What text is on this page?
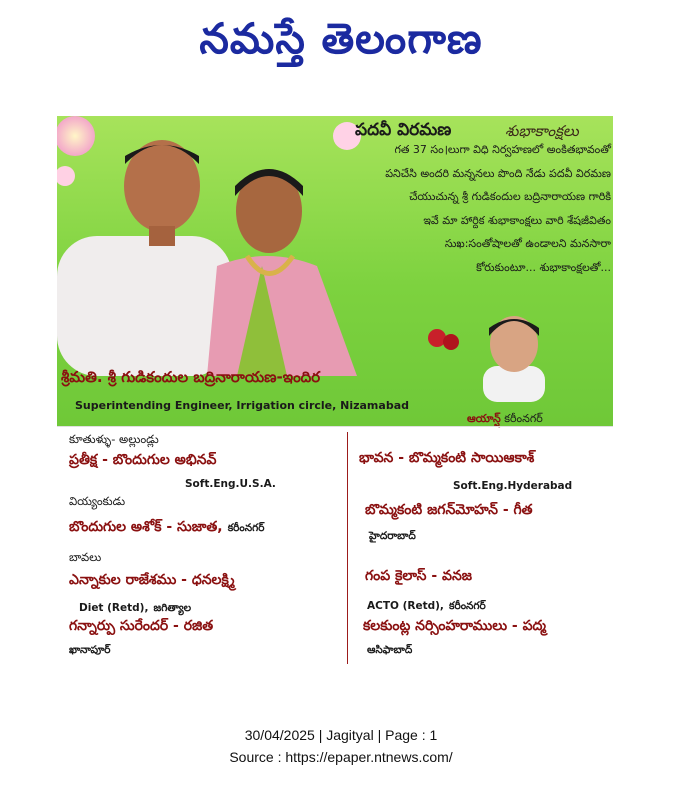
నమస్తే తెలంగాణ
పదవీ విరమణ	శుభాకాంక్షలు
గత 37 సం।లుగా విధి నిర్వహణలో అంకితభావంతో
పనిచేసి అందరి మన్ననలు పొంది నేడు పదవీ విరమణ
చేయుచున్న శ్రీ గుడికందుల బద్రినారాయణ గారికి
ఇవే మా హార్దిక శుభాకాంక్షలు వారి శేషజీవితం
సుఖ:సంతోషాలతో ఉండాలని మనసారా
కోరుకుంటూ... శుభాకాంక్షలతో...
శ్రీమతి. శ్రీ గుడికందుల బద్రినారాయణ-ఇందిర
Superintending Engineer, Irrigation circle, Nizamabad
ఆయాన్ష్ కరీంనగర్
కూతుళ్ళు- అల్లుండ్లు
ప్రతీక్ష - బొందుగుల అభినవ్
Soft.Eng.U.S.A.
వియ్యంకుడు
బొందుగుల అశోక్ - సుజాత, కరీంనగర్
బావలు
ఎన్నాకుల రాజేశము - ధనలక్ష్మి
Diet (Retd), జగిత్యాల
గన్నార్పు సురేందర్ - రజిత
ఖానాపూర్
భావన - బొమ్మకంటి సాయిఆకాశ్
Soft.Eng.Hyderabad
బొమ్మకంటి జగన్‌మోహన్ - గీత
హైదరాబాద్
గంప కైలాస్ - వనజ
ACTO (Retd), కరీంనగర్
కలకుంట్ల నర్సింహరాములు - పద్మ
ఆసిఫాబాద్
30/04/2025 | Jagityal | Page : 1
Source : https://epaper.ntnews.com/
